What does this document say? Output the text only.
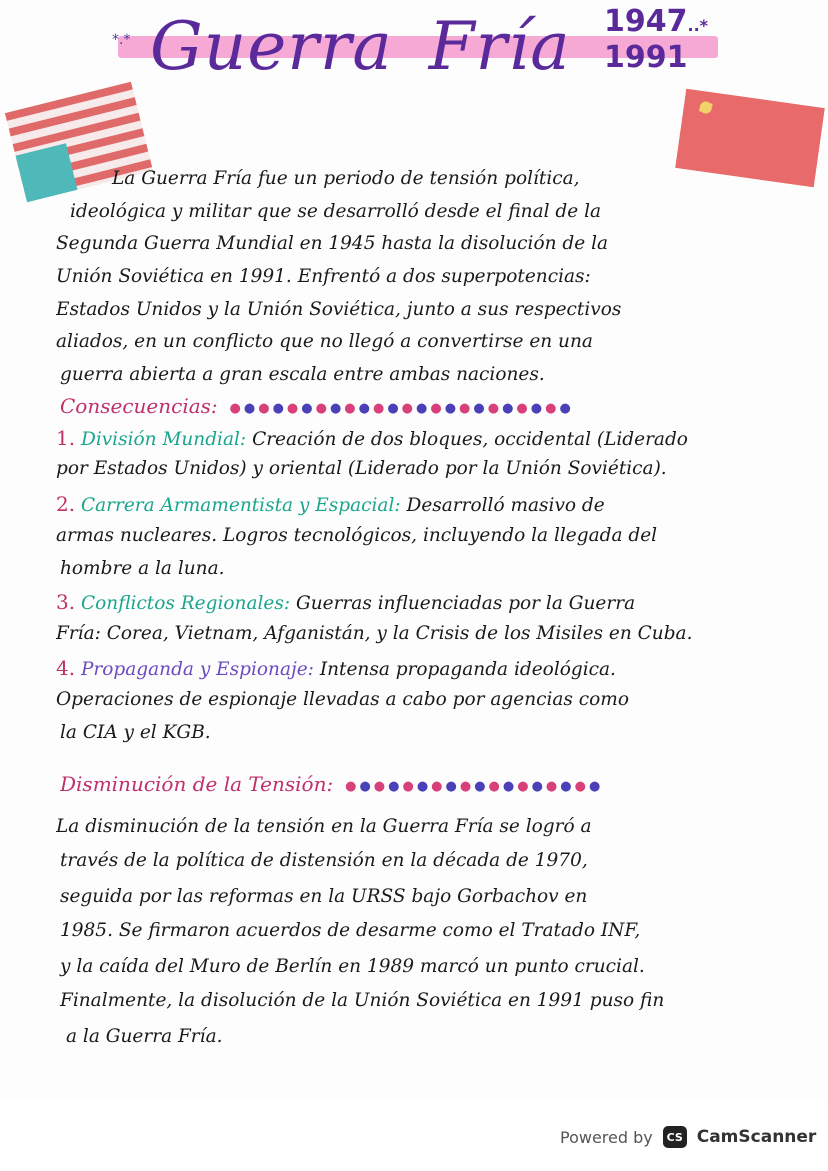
*.* Guerra Fría	1947..*
1991
La Guerra Fría fue un periodo de tensión política,
ideológica y militar que se desarrolló desde el final de la
Segunda Guerra Mundial en 1945 hasta la disolución de la
Unión Soviética en 1991. Enfrentó a dos superpotencias:
Estados Unidos y la Unión Soviética, junto a sus respectivos
aliados, en un conflicto que no llegó a convertirse en una
guerra abierta a gran escala entre ambas naciones.
Consecuencias: ●●●●●●●●●●●●●●●●●●●●●●●●
1. División Mundial: Creación de dos bloques, occidental (Liderado
por Estados Unidos) y oriental (Liderado por la Unión Soviética).
2. Carrera Armamentista y Espacial: Desarrolló masivo de
armas nucleares. Logros tecnológicos, incluyendo la llegada del
hombre a la luna.
3. Conflictos Regionales: Guerras influenciadas por la Guerra
Fría: Corea, Vietnam, Afganistán, y la Crisis de los Misiles en Cuba.
4. Propaganda y Espionaje: Intensa propaganda ideológica.
Operaciones de espionaje llevadas a cabo por agencias como
la CIA y el KGB.
Disminución de la Tensión: ●●●●●●●●●●●●●●●●●●
La disminución de la tensión en la Guerra Fría se logró a
través de la política de distensión en la década de 1970,
seguida por las reformas en la URSS bajo Gorbachov en
1985. Se firmaron acuerdos de desarme como el Tratado INF,
y la caída del Muro de Berlín en 1989 marcó un punto crucial.
Finalmente, la disolución de la Unión Soviética en 1991 puso fin
a la Guerra Fría.
Powered by	CS CamScanner
